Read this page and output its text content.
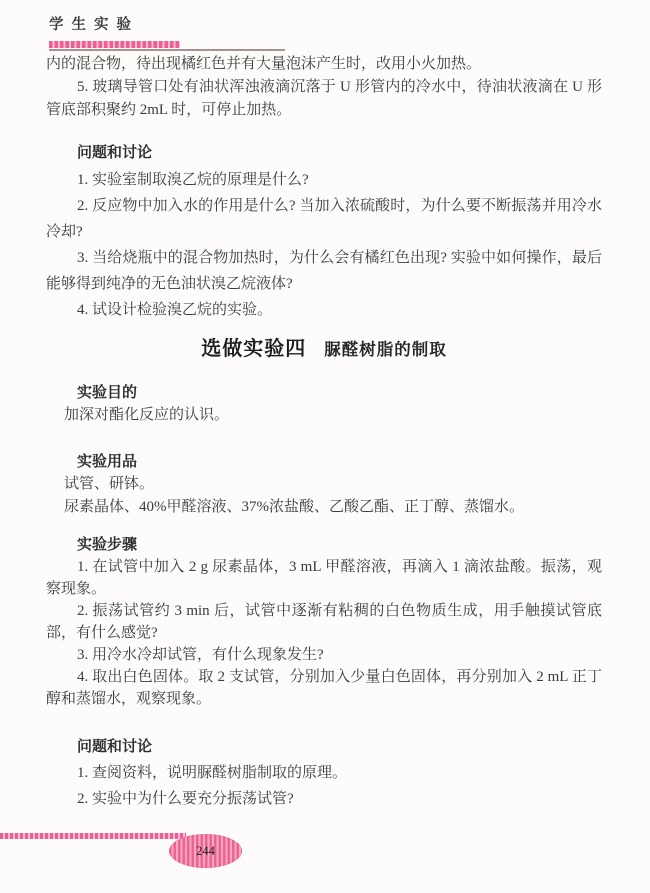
学生实验

内的混合物，待出现橘红色并有大量泡沫产生时，改用小火加热。

5. 玻璃导管口处有油状浑浊液滴沉落于 U 形管内的冷水中，待油状液滴在 U 形管底部积聚约 2mL 时，可停止加热。

问题和讨论

1. 实验室制取溴乙烷的原理是什么?

2. 反应物中加入水的作用是什么? 当加入浓硫酸时，为什么要不断振荡并用冷水冷却?

3. 当给烧瓶中的混合物加热时，为什么会有橘红色出现? 实验中如何操作，最后能够得到纯净的无色油状溴乙烷液体?

4. 试设计检验溴乙烷的实验。

选做实验四 脲醛树脂的制取
实验目的

加深对酯化反应的认识。

实验用品

试管、研钵。

尿素晶体、40%甲醛溶液、37%浓盐酸、乙酸乙酯、正丁醇、蒸馏水。

实验步骤

1. 在试管中加入 2 g 尿素晶体，3 mL 甲醛溶液，再滴入 1 滴浓盐酸。振荡，观察现象。

2. 振荡试管约 3 min 后，试管中逐渐有粘稠的白色物质生成，用手触摸试管底部，有什么感觉?

3. 用冷水冷却试管，有什么现象发生?

4. 取出白色固体。取 2 支试管，分别加入少量白色固体，再分别加入 2 mL 正丁醇和蒸馏水，观察现象。

问题和讨论

1. 查阅资料，说明脲醛树脂制取的原理。

2. 实验中为什么要充分振荡试管?

244
